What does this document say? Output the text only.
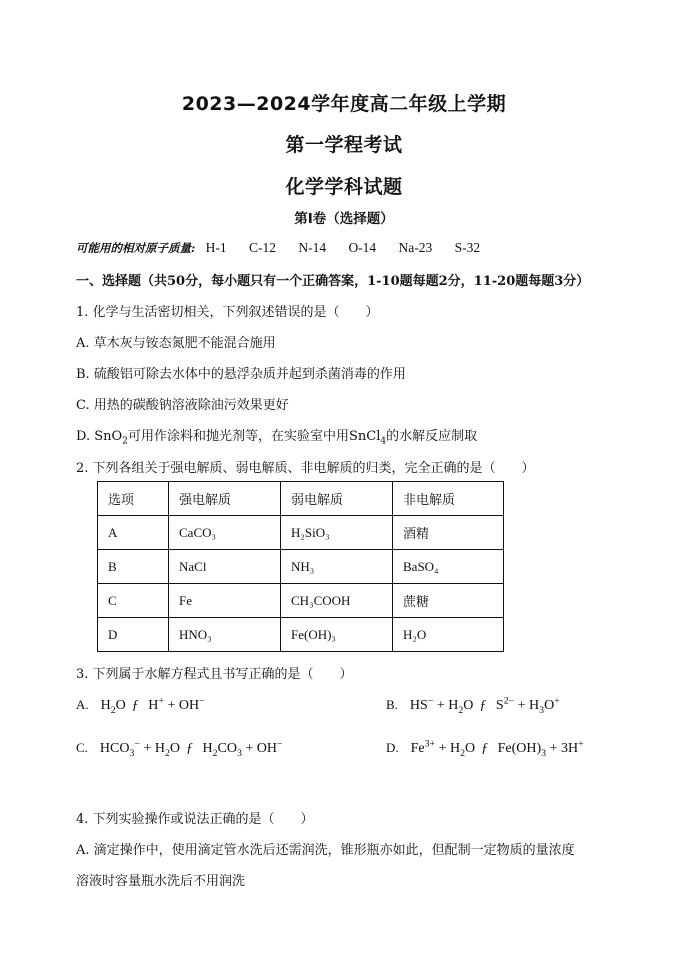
2023—2024学年度高二年级上学期
第一学程考试
化学学科试题
第I卷（选择题）
可能用的相对原子质量: H-1 C-12 N-14 O-14 Na-23 S-32
一、选择题（共50分，每小题只有一个正确答案，1-10题每题2分，11-20题每题3分）
1. 化学与生活密切相关，下列叙述错误的是（　　）
A. 草木灰与铵态氮肥不能混合施用
B. 硫酸铝可除去水体中的悬浮杂质并起到杀菌消毒的作用
C. 用热的碳酸钠溶液除油污效果更好
D. SnO$_2$可用作涂料和抛光剂等，在实验室中用SnCl$_4$的水解反应制取
2. 下列各组关于强电解质、弱电解质、非电解质的归类，完全正确的是（　　）
选项	强电解质	弱电解质	非电解质
A	CaCO₃	H₂SiO₃	酒精
B	NaCl	NH₃	BaSO₄
C	Fe	CH₃COOH	蔗糖
D	HNO₃	Fe(OH)₃	H₂O
3. 下列属于水解方程式且书写正确的是（　　）
A. $H_2O$ ƒ H+ + OH−	B. $HS^- + H_2O$ ƒ $S^{2-} + H_3O^+$
C. $HCO_3^- + H_2O$ ƒ $H_2CO_3 + OH^-$	D. $Fe^{3+} + H_2O$ ƒ $Fe(OH)_3 + 3H^+$
4. 下列实验操作或说法正确的是（　　）
A. 滴定操作中，使用滴定管水洗后还需润洗，锥形瓶亦如此，但配制一定物质的量浓度
溶液时容量瓶水洗后不用润洗
